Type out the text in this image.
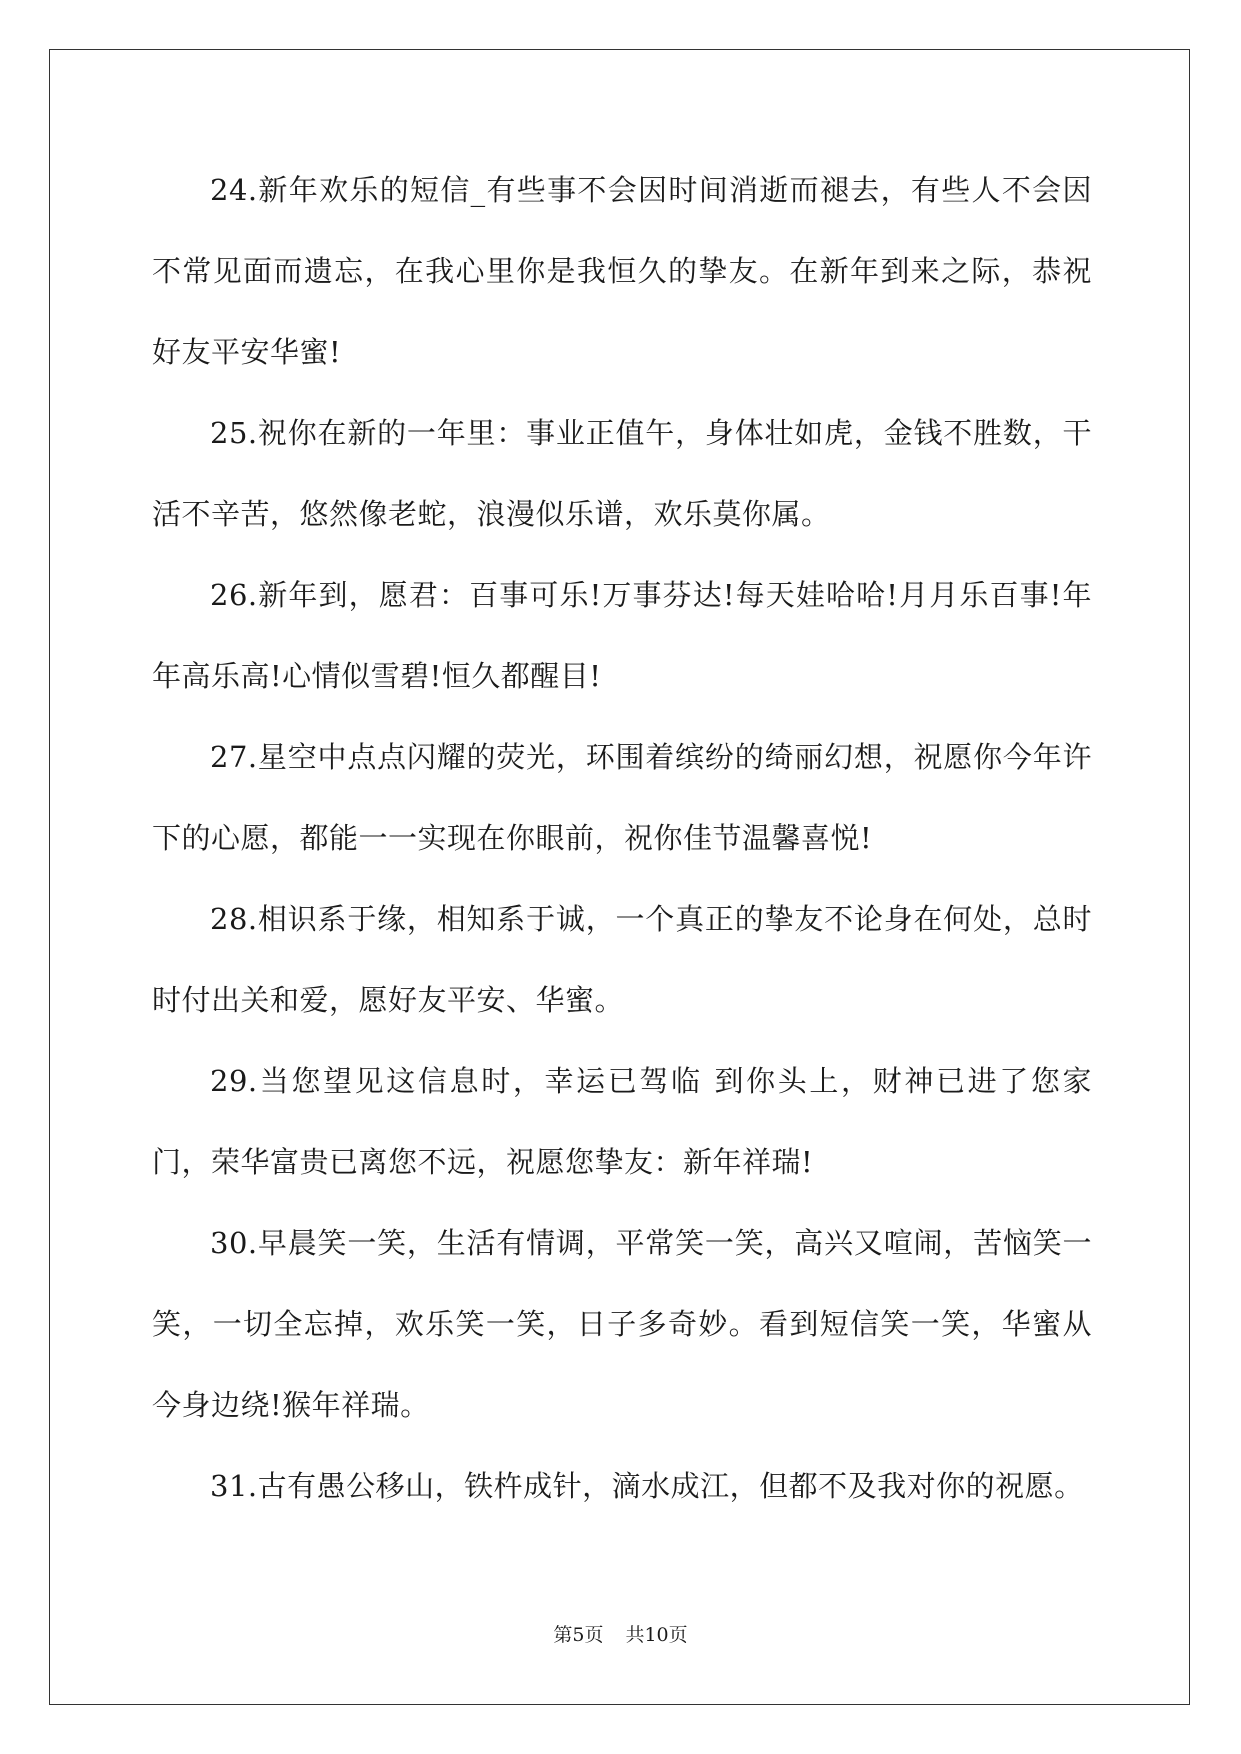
24.新年欢乐的短信_有些事不会因时间消逝而褪去，有些人不会因不常见面而遗忘，在我心里你是我恒久的挚友。在新年到来之际，恭祝好友平安华蜜!

25.祝你在新的一年里：事业正值午，身体壮如虎，金钱不胜数，干活不辛苦，悠然像老蛇，浪漫似乐谱，欢乐莫你属。

26.新年到，愿君：百事可乐!万事芬达!每天娃哈哈!月月乐百事!年年高乐高!心情似雪碧!恒久都醒目!

27.星空中点点闪耀的荧光，环围着缤纷的绮丽幻想，祝愿你今年许下的心愿，都能一一实现在你眼前，祝你佳节温馨喜悦!

28.相识系于缘，相知系于诚，一个真正的挚友不论身在何处，总时时付出关和爱，愿好友平安、华蜜。

29.当您望见这信息时，幸运已驾临 到你头上，财神已进了您家门，荣华富贵已离您不远，祝愿您挚友：新年祥瑞!

30.早晨笑一笑，生活有情调，平常笑一笑，高兴又喧闹，苦恼笑一笑，一切全忘掉，欢乐笑一笑，日子多奇妙。看到短信笑一笑，华蜜从今身边绕!猴年祥瑞。

31.古有愚公移山，铁杵成针，滴水成江，但都不及我对你的祝愿。

第5页 共10页
